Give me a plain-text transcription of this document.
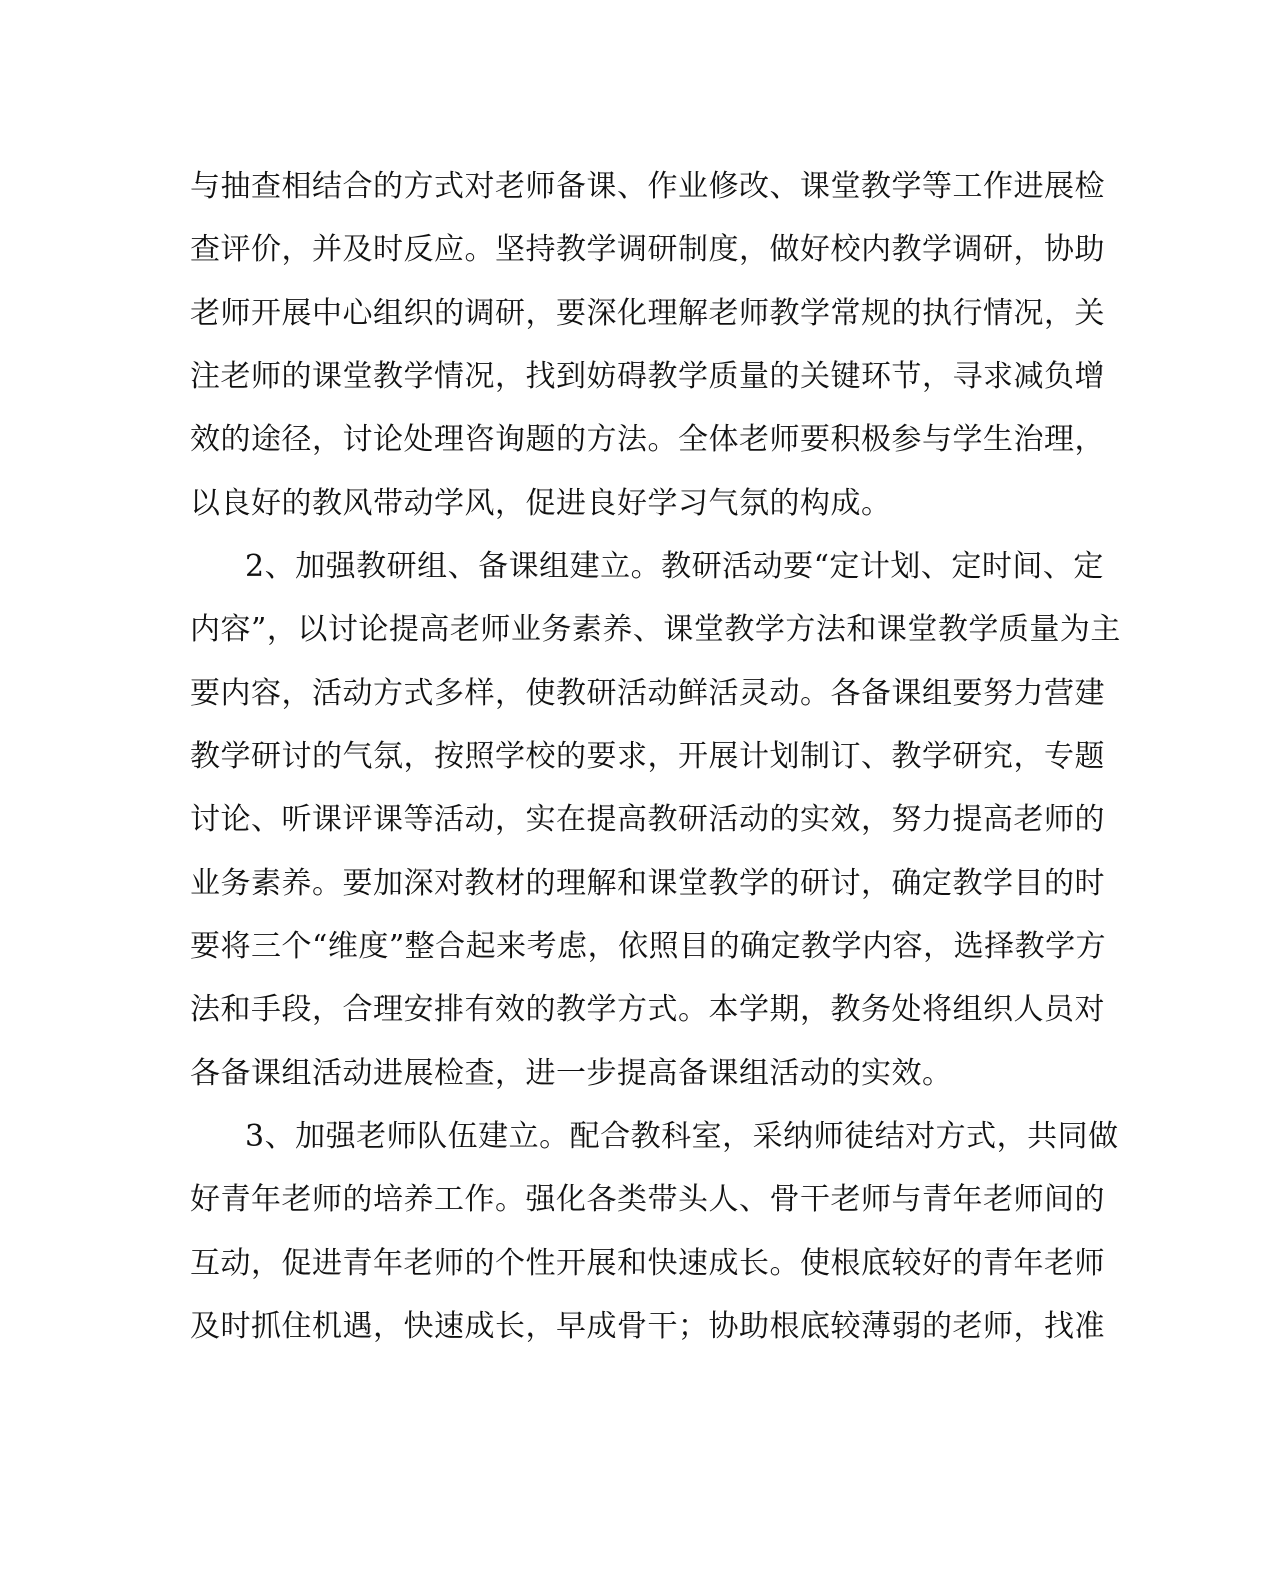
与抽查相结合的方式对老师备课、作业修改、课堂教学等工作进展检
查评价，并及时反应。坚持教学调研制度，做好校内教学调研，协助
老师开展中心组织的调研，要深化理解老师教学常规的执行情况，关
注老师的课堂教学情况，找到妨碍教学质量的关键环节，寻求减负增
效的途径，讨论处理咨询题的方法。全体老师要积极参与学生治理，
以良好的教风带动学风，促进良好学习气氛的构成。
2、加强教研组、备课组建立。教研活动要“定计划、定时间、定
内容”，以讨论提高老师业务素养、课堂教学方法和课堂教学质量为主
要内容，活动方式多样，使教研活动鲜活灵动。各备课组要努力营建
教学研讨的气氛，按照学校的要求，开展计划制订、教学研究，专题
讨论、听课评课等活动，实在提高教研活动的实效，努力提高老师的
业务素养。要加深对教材的理解和课堂教学的研讨，确定教学目的时
要将三个“维度”整合起来考虑，依照目的确定教学内容，选择教学方
法和手段，合理安排有效的教学方式。本学期，教务处将组织人员对
各备课组活动进展检查，进一步提高备课组活动的实效。
3、加强老师队伍建立。配合教科室，采纳师徒结对方式，共同做
好青年老师的培养工作。强化各类带头人、骨干老师与青年老师间的
互动，促进青年老师的个性开展和快速成长。使根底较好的青年老师
及时抓住机遇，快速成长，早成骨干；协助根底较薄弱的老师，找准
